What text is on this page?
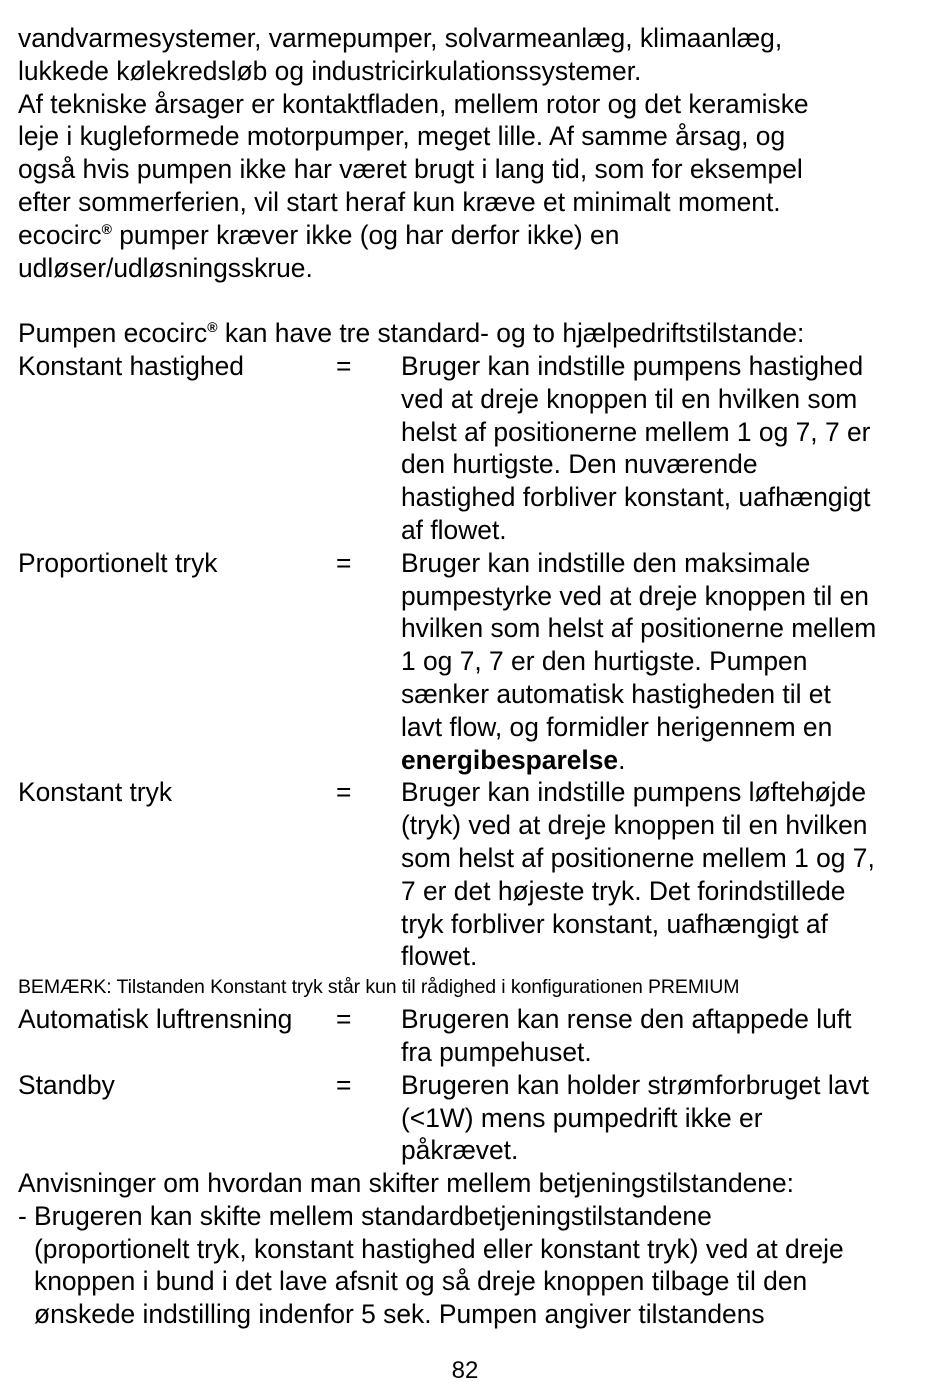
vandvarmesystemer, varmepumper, solvarmeanlæg, klimaanlæg,

lukkede kølekredsløb og industricirkulationssystemer.

Af tekniske årsager er kontaktfladen, mellem rotor og det keramiske

leje i kugleformede motorpumper, meget lille. Af samme årsag, og

også hvis pumpen ikke har været brugt i lang tid, som for eksempel

efter sommerferien, vil start heraf kun kræve et minimalt moment.

ecocirc® pumper kræver ikke (og har derfor ikke) en

udløser/udløsningsskrue.

Pumpen ecocirc® kan have tre standard- og to hjælpedriftstilstande:

Konstant hastighed	=	Bruger kan indstille pumpens hastighed
ved at dreje knoppen til en hvilken som
helst af positionerne mellem 1 og 7, 7 er
den hurtigste. Den nuværende
hastighed forbliver konstant, uafhængigt
af flowet.
Proportionelt tryk	=	Bruger kan indstille den maksimale
pumpestyrke ved at dreje knoppen til en
hvilken som helst af positionerne mellem
1 og 7, 7 er den hurtigste. Pumpen
sænker automatisk hastigheden til et
lavt flow, og formidler herigennem en
energibesparelse.
Konstant tryk	=	Bruger kan indstille pumpens løftehøjde
(tryk) ved at dreje knoppen til en hvilken
som helst af positionerne mellem 1 og 7,
7 er det højeste tryk. Det forindstillede
tryk forbliver konstant, uafhængigt af
flowet.

BEMÆRK: Tilstanden Konstant tryk står kun til rådighed i konfigurationen PREMIUM

Automatisk luftrensning	=	Brugeren kan rense den aftappede luft
fra pumpehuset.
Standby	=	Brugeren kan holder strømforbruget lavt
(<1W) mens pumpedrift ikke er
påkrævet.

Anvisninger om hvordan man skifter mellem betjeningstilstandene:

- Brugeren kan skifte mellem standardbetjeningstilstandene
(proportionelt tryk, konstant hastighed eller konstant tryk) ved at dreje
knoppen i bund i det lave afsnit og så dreje knoppen tilbage til den
ønskede indstilling indenfor 5 sek. Pumpen angiver tilstandens
82
